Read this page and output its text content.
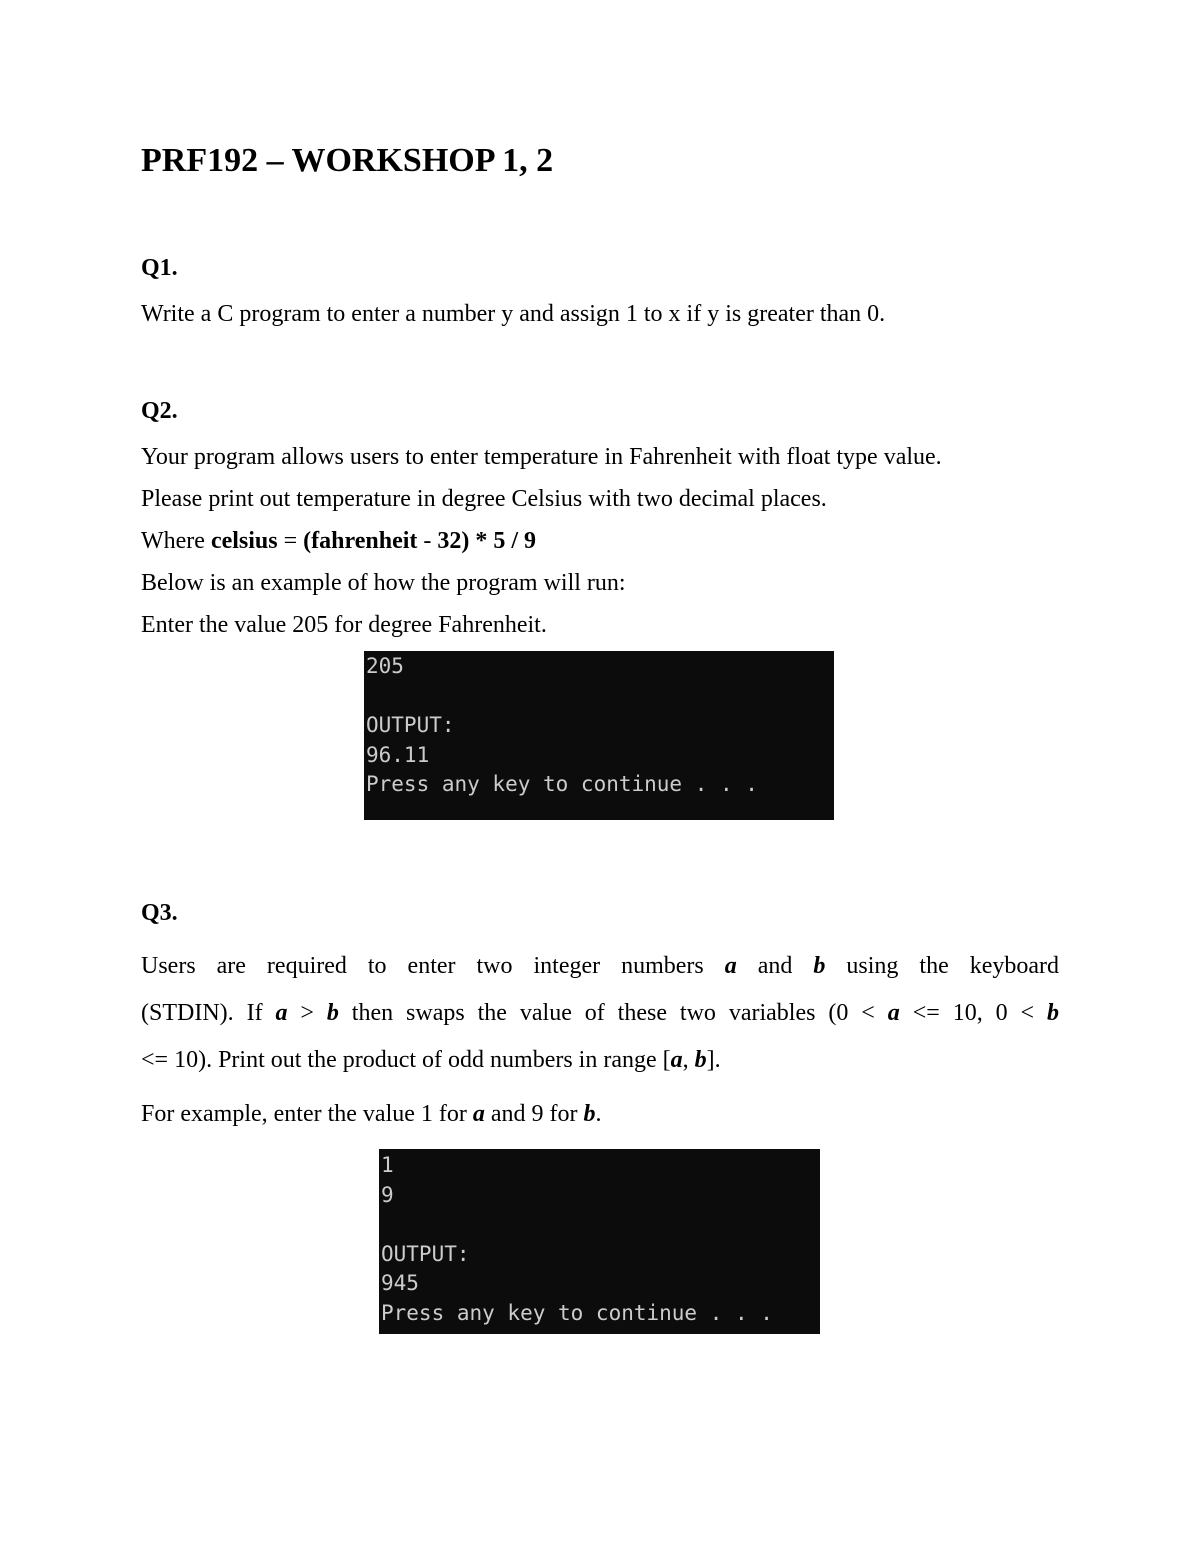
PRF192 – WORKSHOP 1, 2
Q1.
Write a C program to enter a number y and assign 1 to x if y is greater than 0.
Q2.
Your program allows users to enter temperature in Fahrenheit with float type value.
Please print out temperature in degree Celsius with two decimal places.
Where celsius = (fahrenheit - 32) * 5 / 9
Below is an example of how the program will run:
Enter the value 205 for degree Fahrenheit.
205
OUTPUT:
96.11
Press any key to continue . . .
Q3.
Users are required to enter two integer numbers a and b using the keyboard
(STDIN). If a > b then swaps the value of these two variables (0 < a <= 10, 0 < b
<= 10). Print out the product of odd numbers in range [a, b].
For example, enter the value 1 for a and 9 for b.
1
9
OUTPUT:
945
Press any key to continue . . .
